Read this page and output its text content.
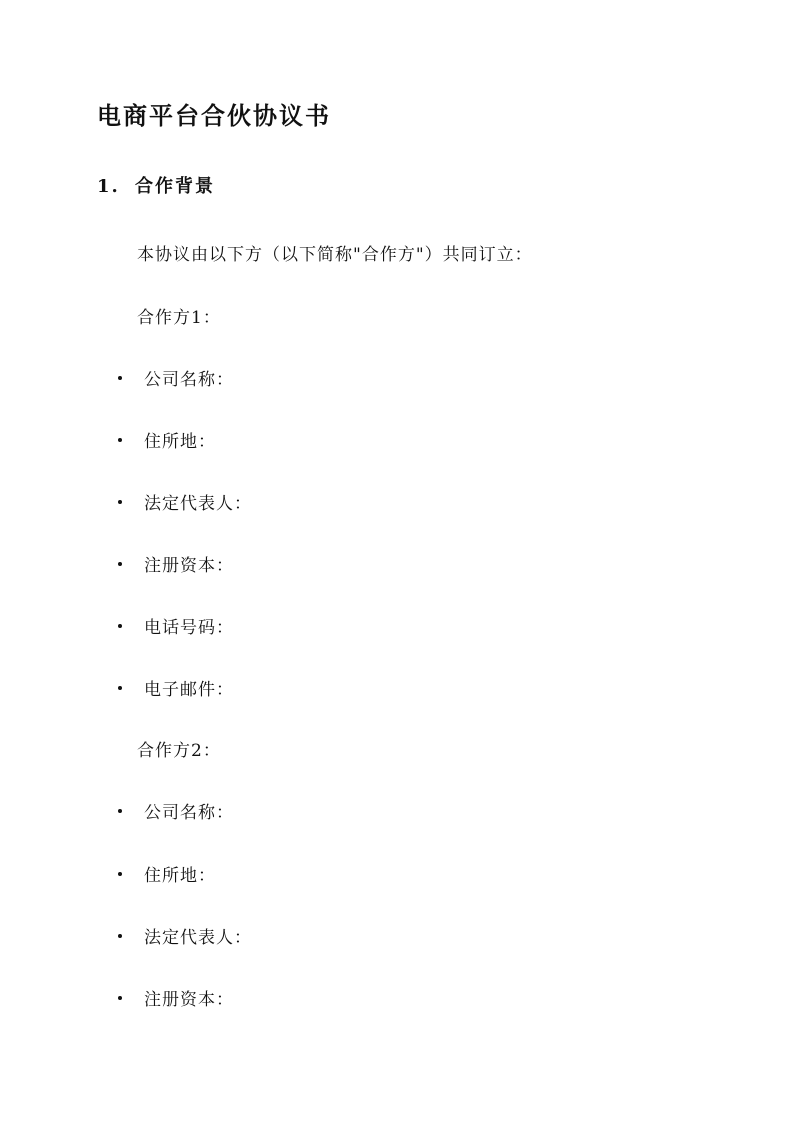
电商平台合伙协议书
1. 合作背景

本协议由以下方（以下简称"合作方"）共同订立：

合作方1：

公司名称：
住所地：
法定代表人：
注册资本：
电话号码：
电子邮件：

合作方2：

公司名称：
住所地：
法定代表人：
注册资本：
